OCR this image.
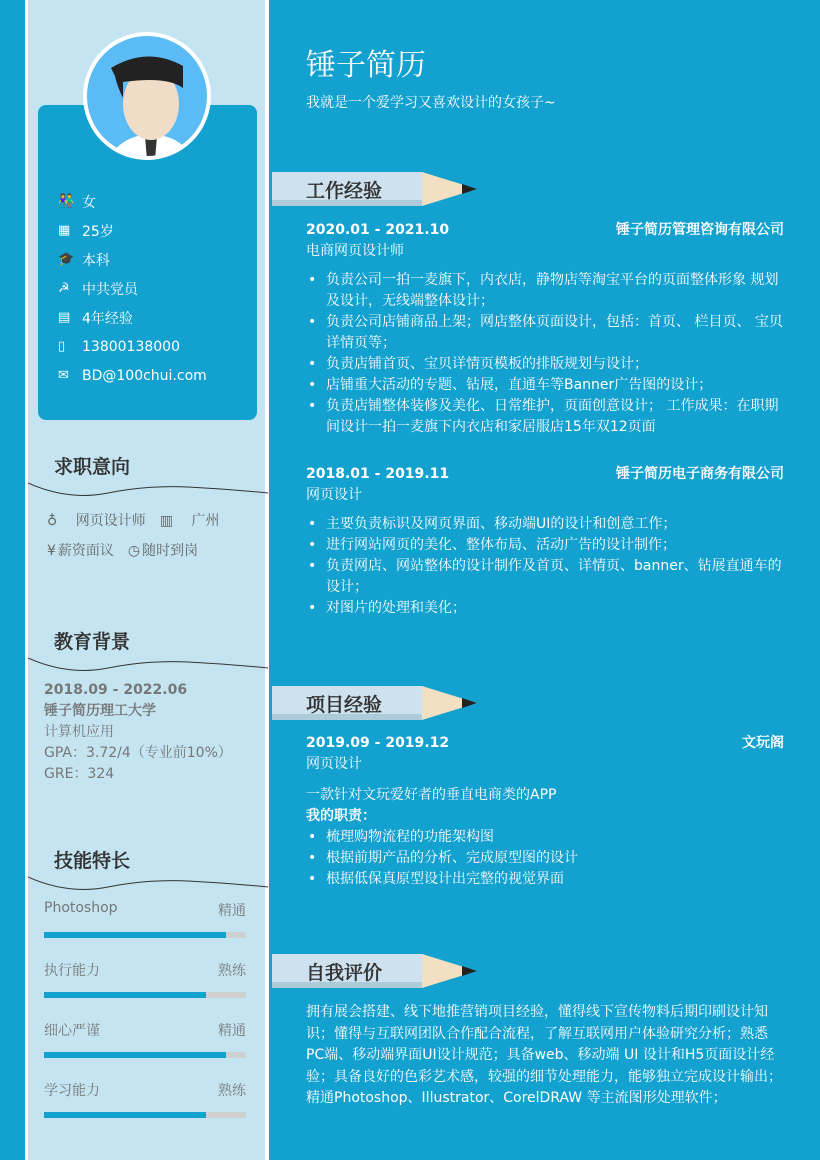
👫 女
▦ 25岁
🎓 本科
☭ 中共党员
▤ 4年经验
▯	13800138000
✉ BD@100chui.com
求职意向
♁ 网页设计师 ▥ 广州
¥ 薪资面议 ◷ 随时到岗
教育背景
2018.09 - 2022.06
锤子简历理工大学
计算机应用
GPA：3.72/4（专业前10%）
GRE：324
技能特长
Photoshop	精通
执行能力	熟练
细心严谨	精通
学习能力	熟练
锤子简历
我就是一个爱学习又喜欢设计的女孩子~
工作经验
项目经验
自我评价
2020.01 - 2021.10	锤子简历管理咨询有限公司
电商网页设计师
• 负责公司一拍一麦旗下，内衣店，静物店等淘宝平台的页面整体形象 规划及设计，无线端整体设计；
• 负责公司店铺商品上架；网店整体页面设计，包括：首页、 栏目页、 宝贝详情页等；
• 负责店铺首页、宝贝详情页模板的排版规划与设计；
• 店铺重大活动的专题、钻展，直通车等Banner广告图的设计；
• 负责店铺整体装修及美化、日常维护，页面创意设计； 工作成果：在职期间设计一拍一麦旗下内衣店和家居服店15年双12页面
2018.01 - 2019.11	锤子简历电子商务有限公司
网页设计
• 主要负责标识及网页界面、移动端UI的设计和创意工作；
• 进行网站网页的美化、整体布局、活动广告的设计制作；
• 负责网店、网站整体的设计制作及首页、详情页、banner、钻展直通车的设计；
• 对图片的处理和美化；
2019.09 - 2019.12	文玩阁
网页设计
一款针对文玩爱好者的垂直电商类的APP
我的职责：
• 梳理购物流程的功能架构图
• 根据前期产品的分析、完成原型图的设计
• 根据低保真原型设计出完整的视觉界面
拥有展会搭建、线下地推营销项目经验，懂得线下宣传物料后期印刷设计知识；懂得与互联网团队合作配合流程，了解互联网用户体验研究分析；熟悉PC端、移动端界面UI设计规范；具备web、移动端 UI 设计和H5页面设计经验；具备良好的色彩艺术感，较强的细节处理能力，能够独立完成设计输出；精通Photoshop、Illustrator、CorelDRAW 等主流图形处理软件；
